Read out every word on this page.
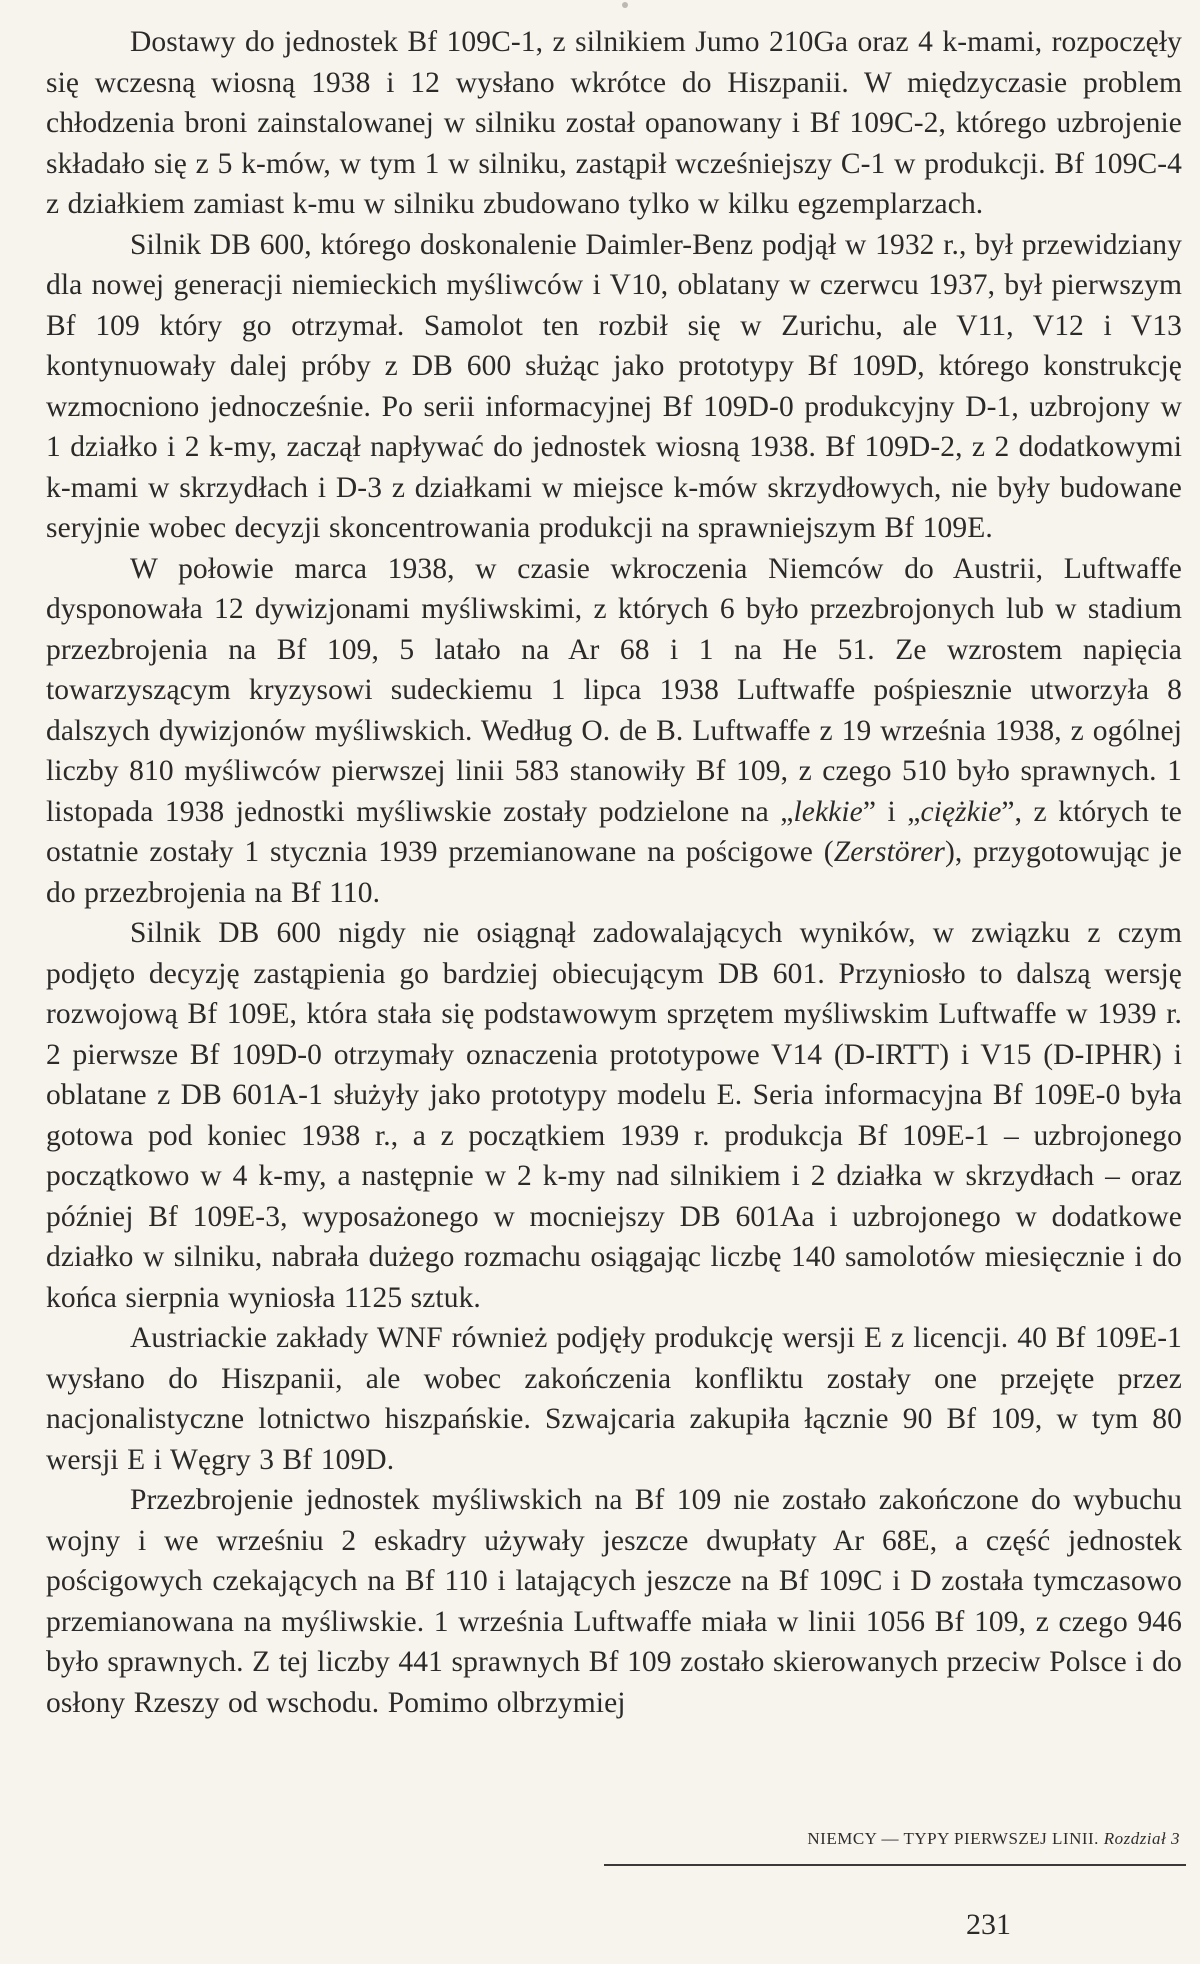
Dostawy do jednostek Bf 109C-1, z silnikiem Jumo 210Ga oraz 4 k-mami, rozpoczęły się wczesną wiosną 1938 i 12 wysłano wkrótce do Hiszpanii. W międzyczasie problem chłodzenia broni zainstalowanej w silniku został opanowany i Bf 109C-2, którego uzbrojenie składało się z 5 k-mów, w tym 1 w silniku, zastąpił wcześniejszy C-1 w produkcji. Bf 109C-4 z działkiem zamiast k-mu w silniku zbudowano tylko w kilku egzemplarzach.

Silnik DB 600, którego doskonalenie Daimler-Benz podjął w 1932 r., był przewidziany dla nowej generacji niemieckich myśliwców i V10, oblatany w czerwcu 1937, był pierwszym Bf 109 który go otrzymał. Samolot ten rozbił się w Zurichu, ale V11, V12 i V13 kontynuowały dalej próby z DB 600 służąc jako prototypy Bf 109D, którego konstrukcję wzmocniono jednocześnie. Po serii informacyjnej Bf 109D-0 produkcyjny D-1, uzbrojony w 1 działko i 2 k-my, zaczął napływać do jednostek wiosną 1938. Bf 109D-2, z 2 dodatkowymi k-mami w skrzydłach i D-3 z działkami w miejsce k-mów skrzydłowych, nie były budowane seryjnie wobec decyzji skoncentrowania produkcji na sprawniejszym Bf 109E.

W połowie marca 1938, w czasie wkroczenia Niemców do Austrii, Luftwaffe dysponowała 12 dywizjonami myśliwskimi, z których 6 było przezbrojonych lub w stadium przezbrojenia na Bf 109, 5 latało na Ar 68 i 1 na He 51. Ze wzrostem napięcia towarzyszącym kryzysowi sudeckiemu 1 lipca 1938 Luftwaffe pośpiesznie utworzyła 8 dalszych dywizjonów myśliwskich. Według O. de B. Luftwaffe z 19 września 1938, z ogólnej liczby 810 myśliwców pierwszej linii 583 stanowiły Bf 109, z czego 510 było sprawnych. 1 listopada 1938 jednostki myśliwskie zostały podzielone na „lekkie” i „ciężkie”, z których te ostatnie zostały 1 stycznia 1939 przemianowane na pościgowe (Zerstörer), przygotowując je do przezbrojenia na Bf 110.

Silnik DB 600 nigdy nie osiągnął zadowalających wyników, w związku z czym podjęto decyzję zastąpienia go bardziej obiecującym DB 601. Przyniosło to dalszą wersję rozwojową Bf 109E, która stała się podstawowym sprzętem myśliwskim Luftwaffe w 1939 r. 2 pierwsze Bf 109D-0 otrzymały oznaczenia prototypowe V14 (D-IRTT) i V15 (D-IPHR) i oblatane z DB 601A-1 służyły jako prototypy modelu E. Seria informacyjna Bf 109E-0 była gotowa pod koniec 1938 r., a z początkiem 1939 r. produkcja Bf 109E-1 – uzbrojonego początkowo w 4 k-my, a następnie w 2 k-my nad silnikiem i 2 działka w skrzydłach – oraz później Bf 109E-3, wyposażonego w mocniejszy DB 601Aa i uzbrojonego w dodatkowe działko w silniku, nabrała dużego rozmachu osiągając liczbę 140 samolotów miesięcznie i do końca sierpnia wyniosła 1125 sztuk.

Austriackie zakłady WNF również podjęły produkcję wersji E z licencji. 40 Bf 109E-1 wysłano do Hiszpanii, ale wobec zakończenia konfliktu zostały one przejęte przez nacjonalistyczne lotnictwo hiszpańskie. Szwajcaria zakupiła łącznie 90 Bf 109, w tym 80 wersji E i Węgry 3 Bf 109D.

Przezbrojenie jednostek myśliwskich na Bf 109 nie zostało zakończone do wybuchu wojny i we wrześniu 2 eskadry używały jeszcze dwupłaty Ar 68E, a część jednostek pościgowych czekających na Bf 110 i latających jeszcze na Bf 109C i D została tymczasowo przemianowana na myśliwskie. 1 września Luftwaffe miała w linii 1056 Bf 109, z czego 946 było sprawnych. Z tej liczby 441 sprawnych Bf 109 zostało skierowanych przeciw Polsce i do osłony Rzeszy od wschodu. Pomimo olbrzymiej

NIEMCY — TYPY PIERWSZEJ LINII. Rozdział 3
231
